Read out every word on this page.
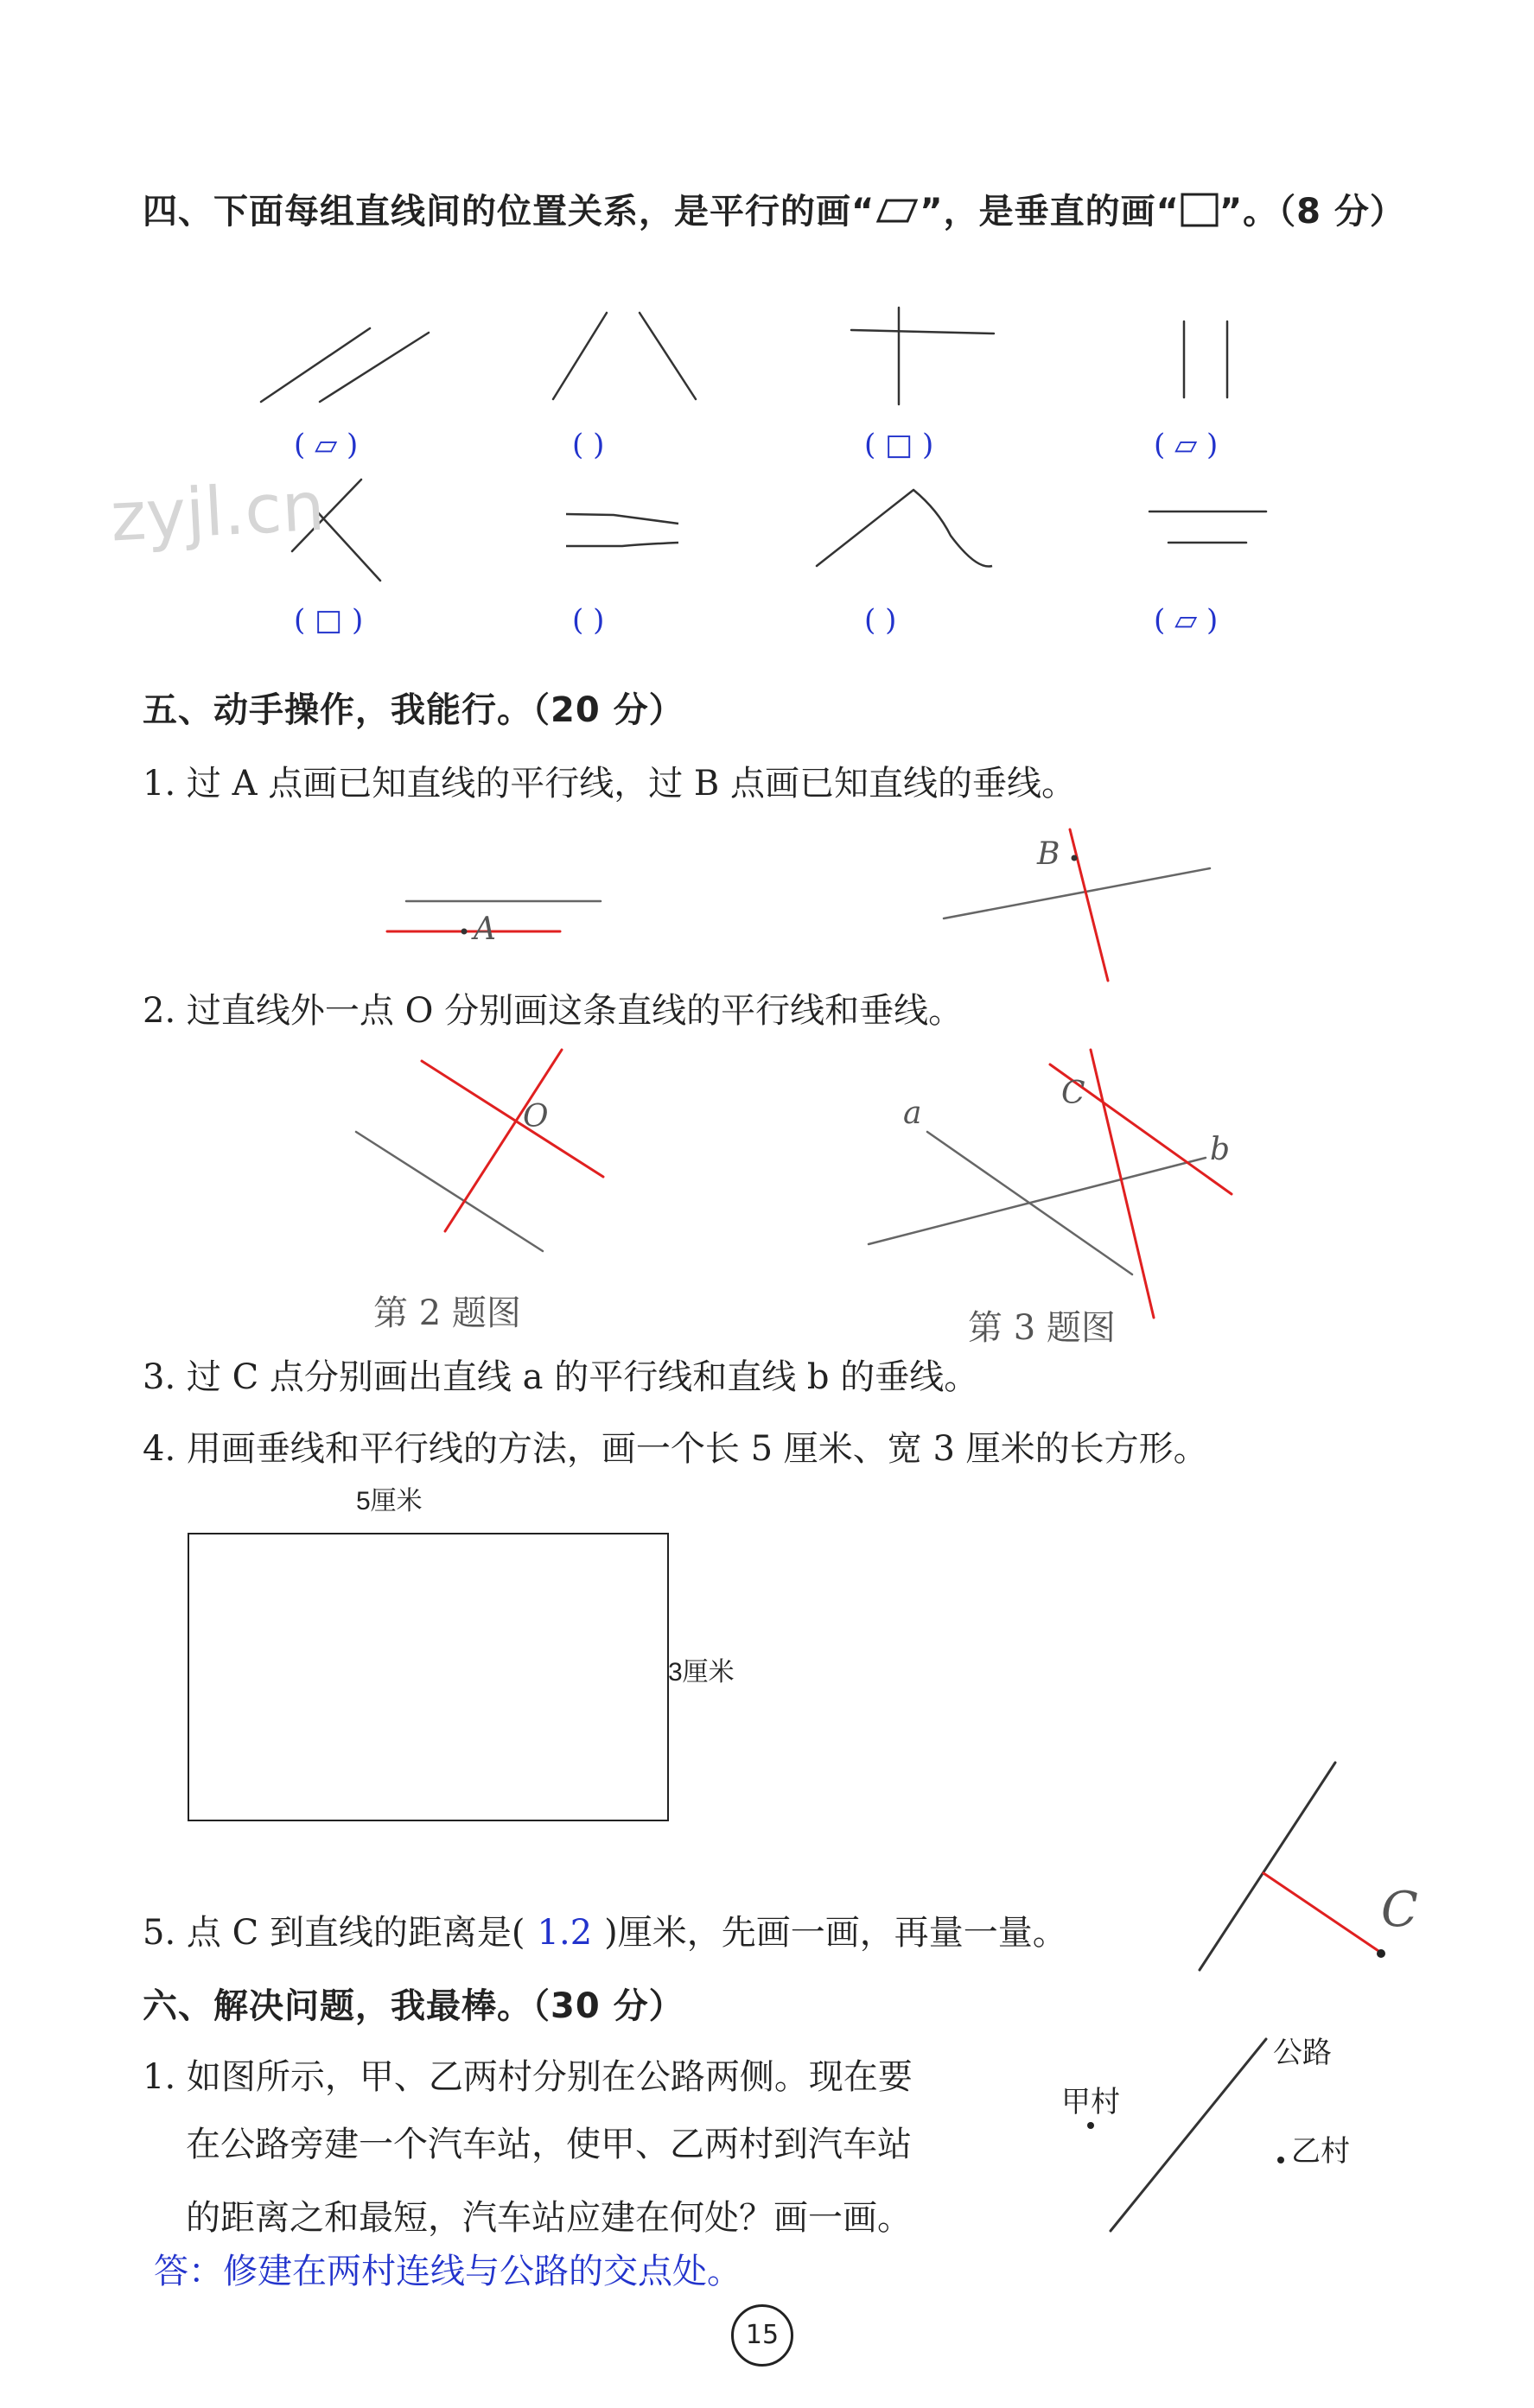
四、下面每组直线间的位置关系，是平行的画“ ”，是垂直的画“ ”。（8 分）
zyjl.cn
( ▱ )	( )	( □ )	( ▱ )
( □ )	( )	( )	( ▱ )
五、动手操作，我能行。（20 分）
1. 过 A 点画已知直线的平行线，过 B 点画已知直线的垂线。
A
B
2. 过直线外一点 O 分别画这条直线的平行线和垂线。
O	a
b
C
第 2 题图	第 3 题图
3. 过 C 点分别画出直线 a 的平行线和直线 b 的垂线。
4. 用画垂线和平行线的方法，画一个长 5 厘米、宽 3 厘米的长方形。
5厘米
3厘米
5. 点 C 到直线的距离是( 1.2 )厘米，先画一画，再量一量。	C
六、解决问题，我最棒。（30 分）
1. 如图所示，甲、乙两村分别在公路两侧。现在要
在公路旁建一个汽车站，使甲、乙两村到汽车站
的距离之和最短，汽车站应建在何处？画一画。
答：修建在两村连线与公路的交点处。
公路
甲村
乙村
15
